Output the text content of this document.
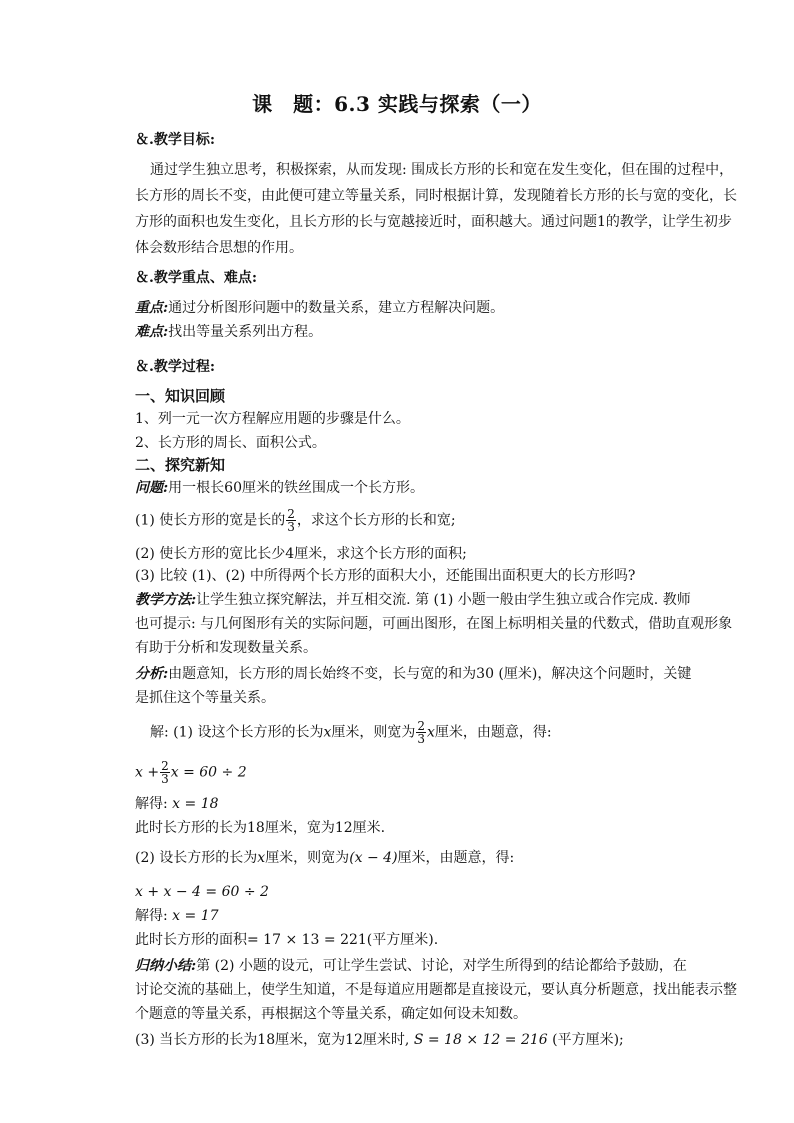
课　题：6.3 实践与探索（一）
＆.教学目标:
通过学生独立思考，积极探索，从而发现: 围成长方形的长和宽在发生变化，但在围的过程中，
长方形的周长不变，由此便可建立等量关系，同时根据计算，发现随着长方形的长与宽的变化，长
方形的面积也发生变化，且长方形的长与宽越接近时，面积越大。通过问题1的教学，让学生初步
体会数形结合思想的作用。
＆.教学重点、难点:
重点:通过分析图形问题中的数量关系，建立方程解决问题。
难点:找出等量关系列出方程。
＆.教学过程:
一、知识回顾
1、列一元一次方程解应用题的步骤是什么。
2、长方形的周长、面积公式。
二、探究新知
问题:用一根长60厘米的铁丝围成一个长方形。
(1) 使长方形的宽是长的 $\frac{2}{3}$ ，求这个长方形的长和宽;
(2) 使长方形的宽比长少4厘米，求这个长方形的面积;
(3) 比较 (1)、(2) 中所得两个长方形的面积大小，还能围出面积更大的长方形吗?
教学方法:让学生独立探究解法，并互相交流. 第 (1) 小题一般由学生独立或合作完成. 教师
也可提示: 与几何图形有关的实际问题，可画出图形，在图上标明相关量的代数式，借助直观形象
有助于分析和发现数量关系。
分析:由题意知，长方形的周长始终不变，长与宽的和为30 (厘米)，解决这个问题时，关键
是抓住这个等量关系。
解: (1) 设这个长方形的长为x厘米，则宽为 $\frac{2}{3}$ x厘米，由题意，得:
$x + \frac{2}{3}$ x = 60 ÷ 2
解得: x = 18
此时长方形的长为18厘米，宽为12厘米.
(2) 设长方形的长为x厘米，则宽为(x − 4)厘米，由题意，得:
x + x − 4 = 60 ÷ 2
解得: x = 17
此时长方形的面积= 17 × 13 = 221(平方厘米).
归纳小结:第 (2) 小题的设元，可让学生尝试、讨论，对学生所得到的结论都给予鼓励，在
讨论交流的基础上，使学生知道，不是每道应用题都是直接设元，要认真分析题意，找出能表示整
个题意的等量关系，再根据这个等量关系，确定如何设未知数。
(3) 当长方形的长为18厘米，宽为12厘米时, S = 18 × 12 = 216 (平方厘米);
